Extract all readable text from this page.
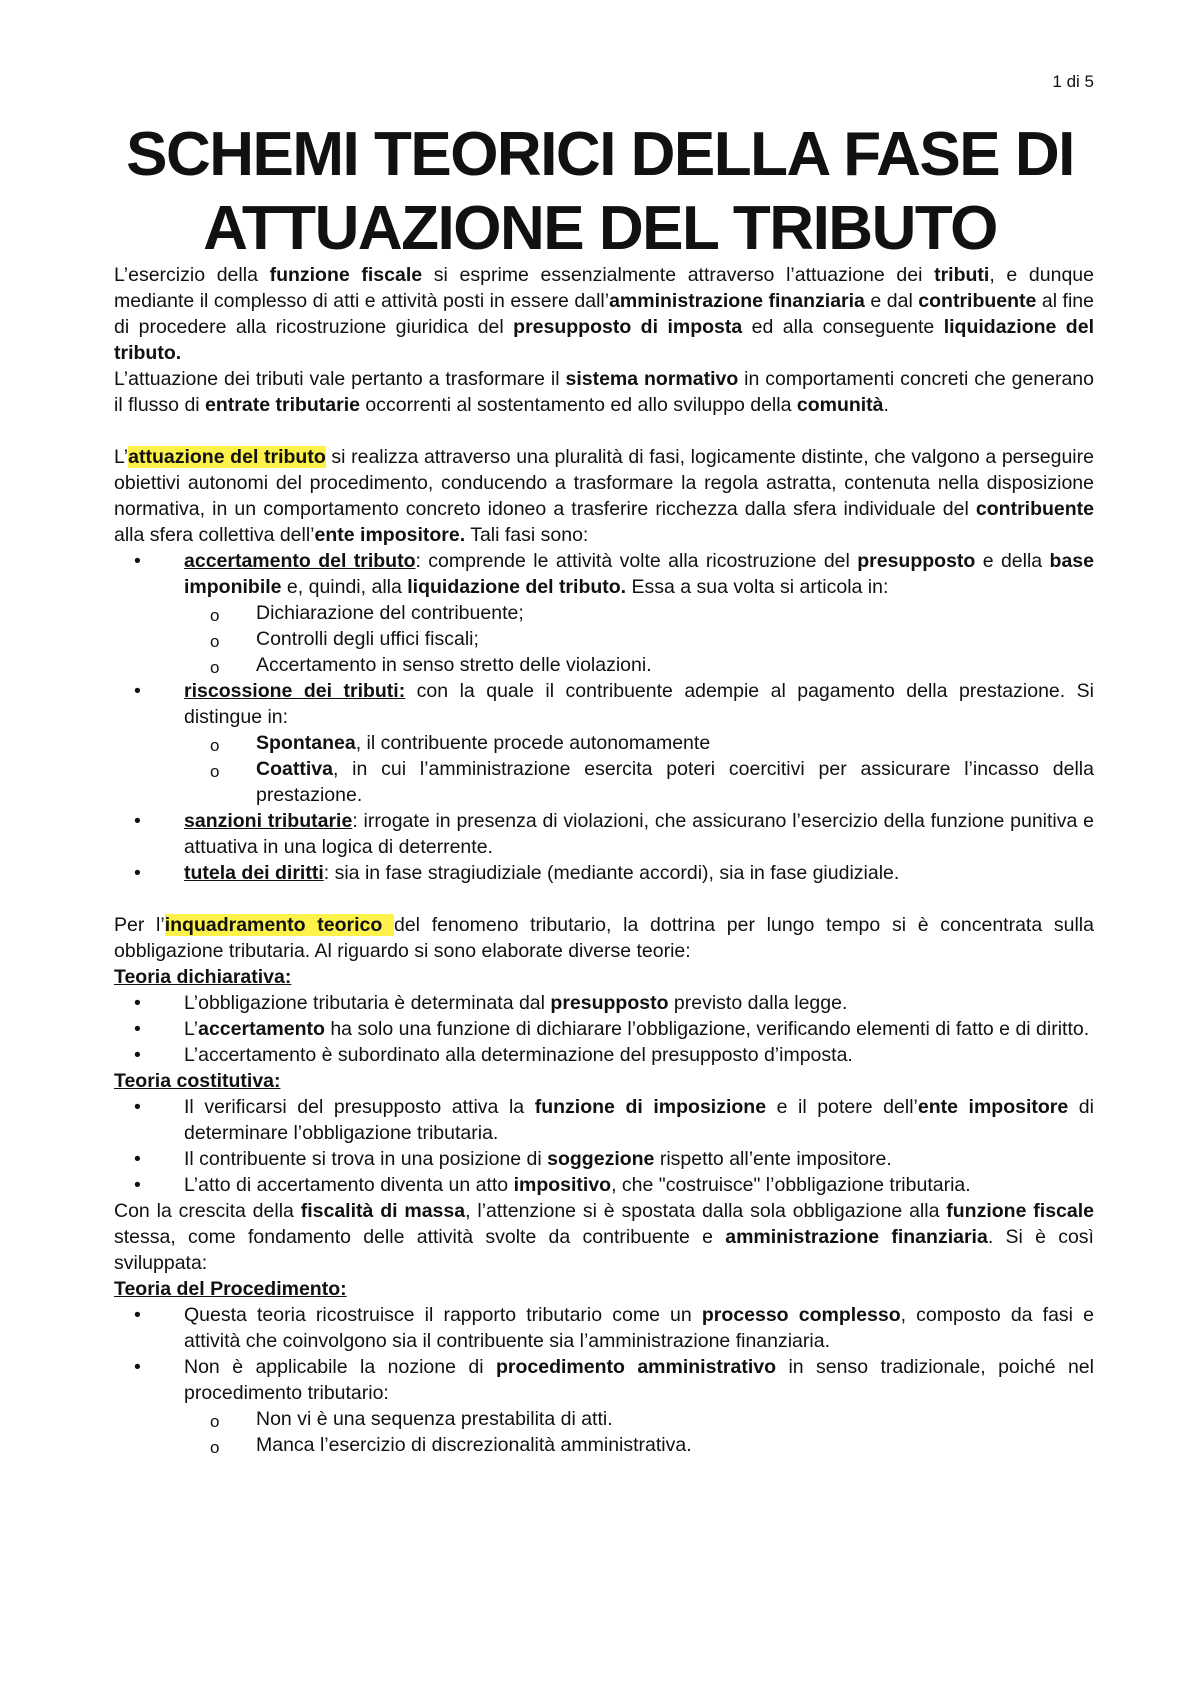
1 di 5
SCHEMI TEORICI DELLA FASE DI
ATTUAZIONE DEL TRIBUTO

L’esercizio della funzione fiscale si esprime essenzialmente attraverso l’attuazione dei tributi, e dunque mediante il complesso di atti e attività posti in essere dall’amministrazione finanziaria e dal contribuente al fine di procedere alla ricostruzione giuridica del presupposto di imposta ed alla conseguente liquidazione del tributo.

L’attuazione dei tributi vale pertanto a trasformare il sistema normativo in comportamenti concreti che generano il flusso di entrate tributarie occorrenti al sostentamento ed allo sviluppo della comunità.

L’attuazione del tributo si realizza attraverso una pluralità di fasi, logicamente distinte, che valgono a perseguire obiettivi autonomi del procedimento, conducendo a trasformare la regola astratta, contenuta nella disposizione normativa, in un comportamento concreto idoneo a trasferire ricchezza dalla sfera individuale del contribuente alla sfera collettiva dell’ente impositore. Tali fasi sono:

• accertamento del tributo: comprende le attività volte alla ricostruzione del presupposto e della base imponibile e, quindi, alla liquidazione del tributo. Essa a sua volta si articola in:
o Dichiarazione del contribuente;
o Controlli degli uffici fiscali;
o Accertamento in senso stretto delle violazioni.
• riscossione dei tributi: con la quale il contribuente adempie al pagamento della prestazione. Si distingue in:
o Spontanea, il contribuente procede autonomamente
o Coattiva, in cui l’amministrazione esercita poteri coercitivi per assicurare l’incasso della prestazione.
• sanzioni tributarie: irrogate in presenza di violazioni, che assicurano l’esercizio della funzione punitiva e attuativa in una logica di deterrente.
• tutela dei diritti: sia in fase stragiudiziale (mediante accordi), sia in fase giudiziale.

Per l’inquadramento teorico del fenomeno tributario, la dottrina per lungo tempo si è concentrata sulla obbligazione tributaria. Al riguardo si sono elaborate diverse teorie:

Teoria dichiarativa:

• L’obbligazione tributaria è determinata dal presupposto previsto dalla legge.
• L’accertamento ha solo una funzione di dichiarare l’obbligazione, verificando elementi di fatto e di diritto.
• L’accertamento è subordinato alla determinazione del presupposto d’imposta.

Teoria costitutiva:

• Il verificarsi del presupposto attiva la funzione di imposizione e il potere dell’ente impositore di determinare l’obbligazione tributaria.
• Il contribuente si trova in una posizione di soggezione rispetto all’ente impositore.
• L’atto di accertamento diventa un atto impositivo, che "costruisce" l’obbligazione tributaria.

Con la crescita della fiscalità di massa, l’attenzione si è spostata dalla sola obbligazione alla funzione fiscale stessa, come fondamento delle attività svolte da contribuente e amministrazione finanziaria. Si è così sviluppata:

Teoria del Procedimento:

• Questa teoria ricostruisce il rapporto tributario come un processo complesso, composto da fasi e attività che coinvolgono sia il contribuente sia l’amministrazione finanziaria.
• Non è applicabile la nozione di procedimento amministrativo in senso tradizionale, poiché nel procedimento tributario:
o Non vi è una sequenza prestabilita di atti.
o Manca l’esercizio di discrezionalità amministrativa.
